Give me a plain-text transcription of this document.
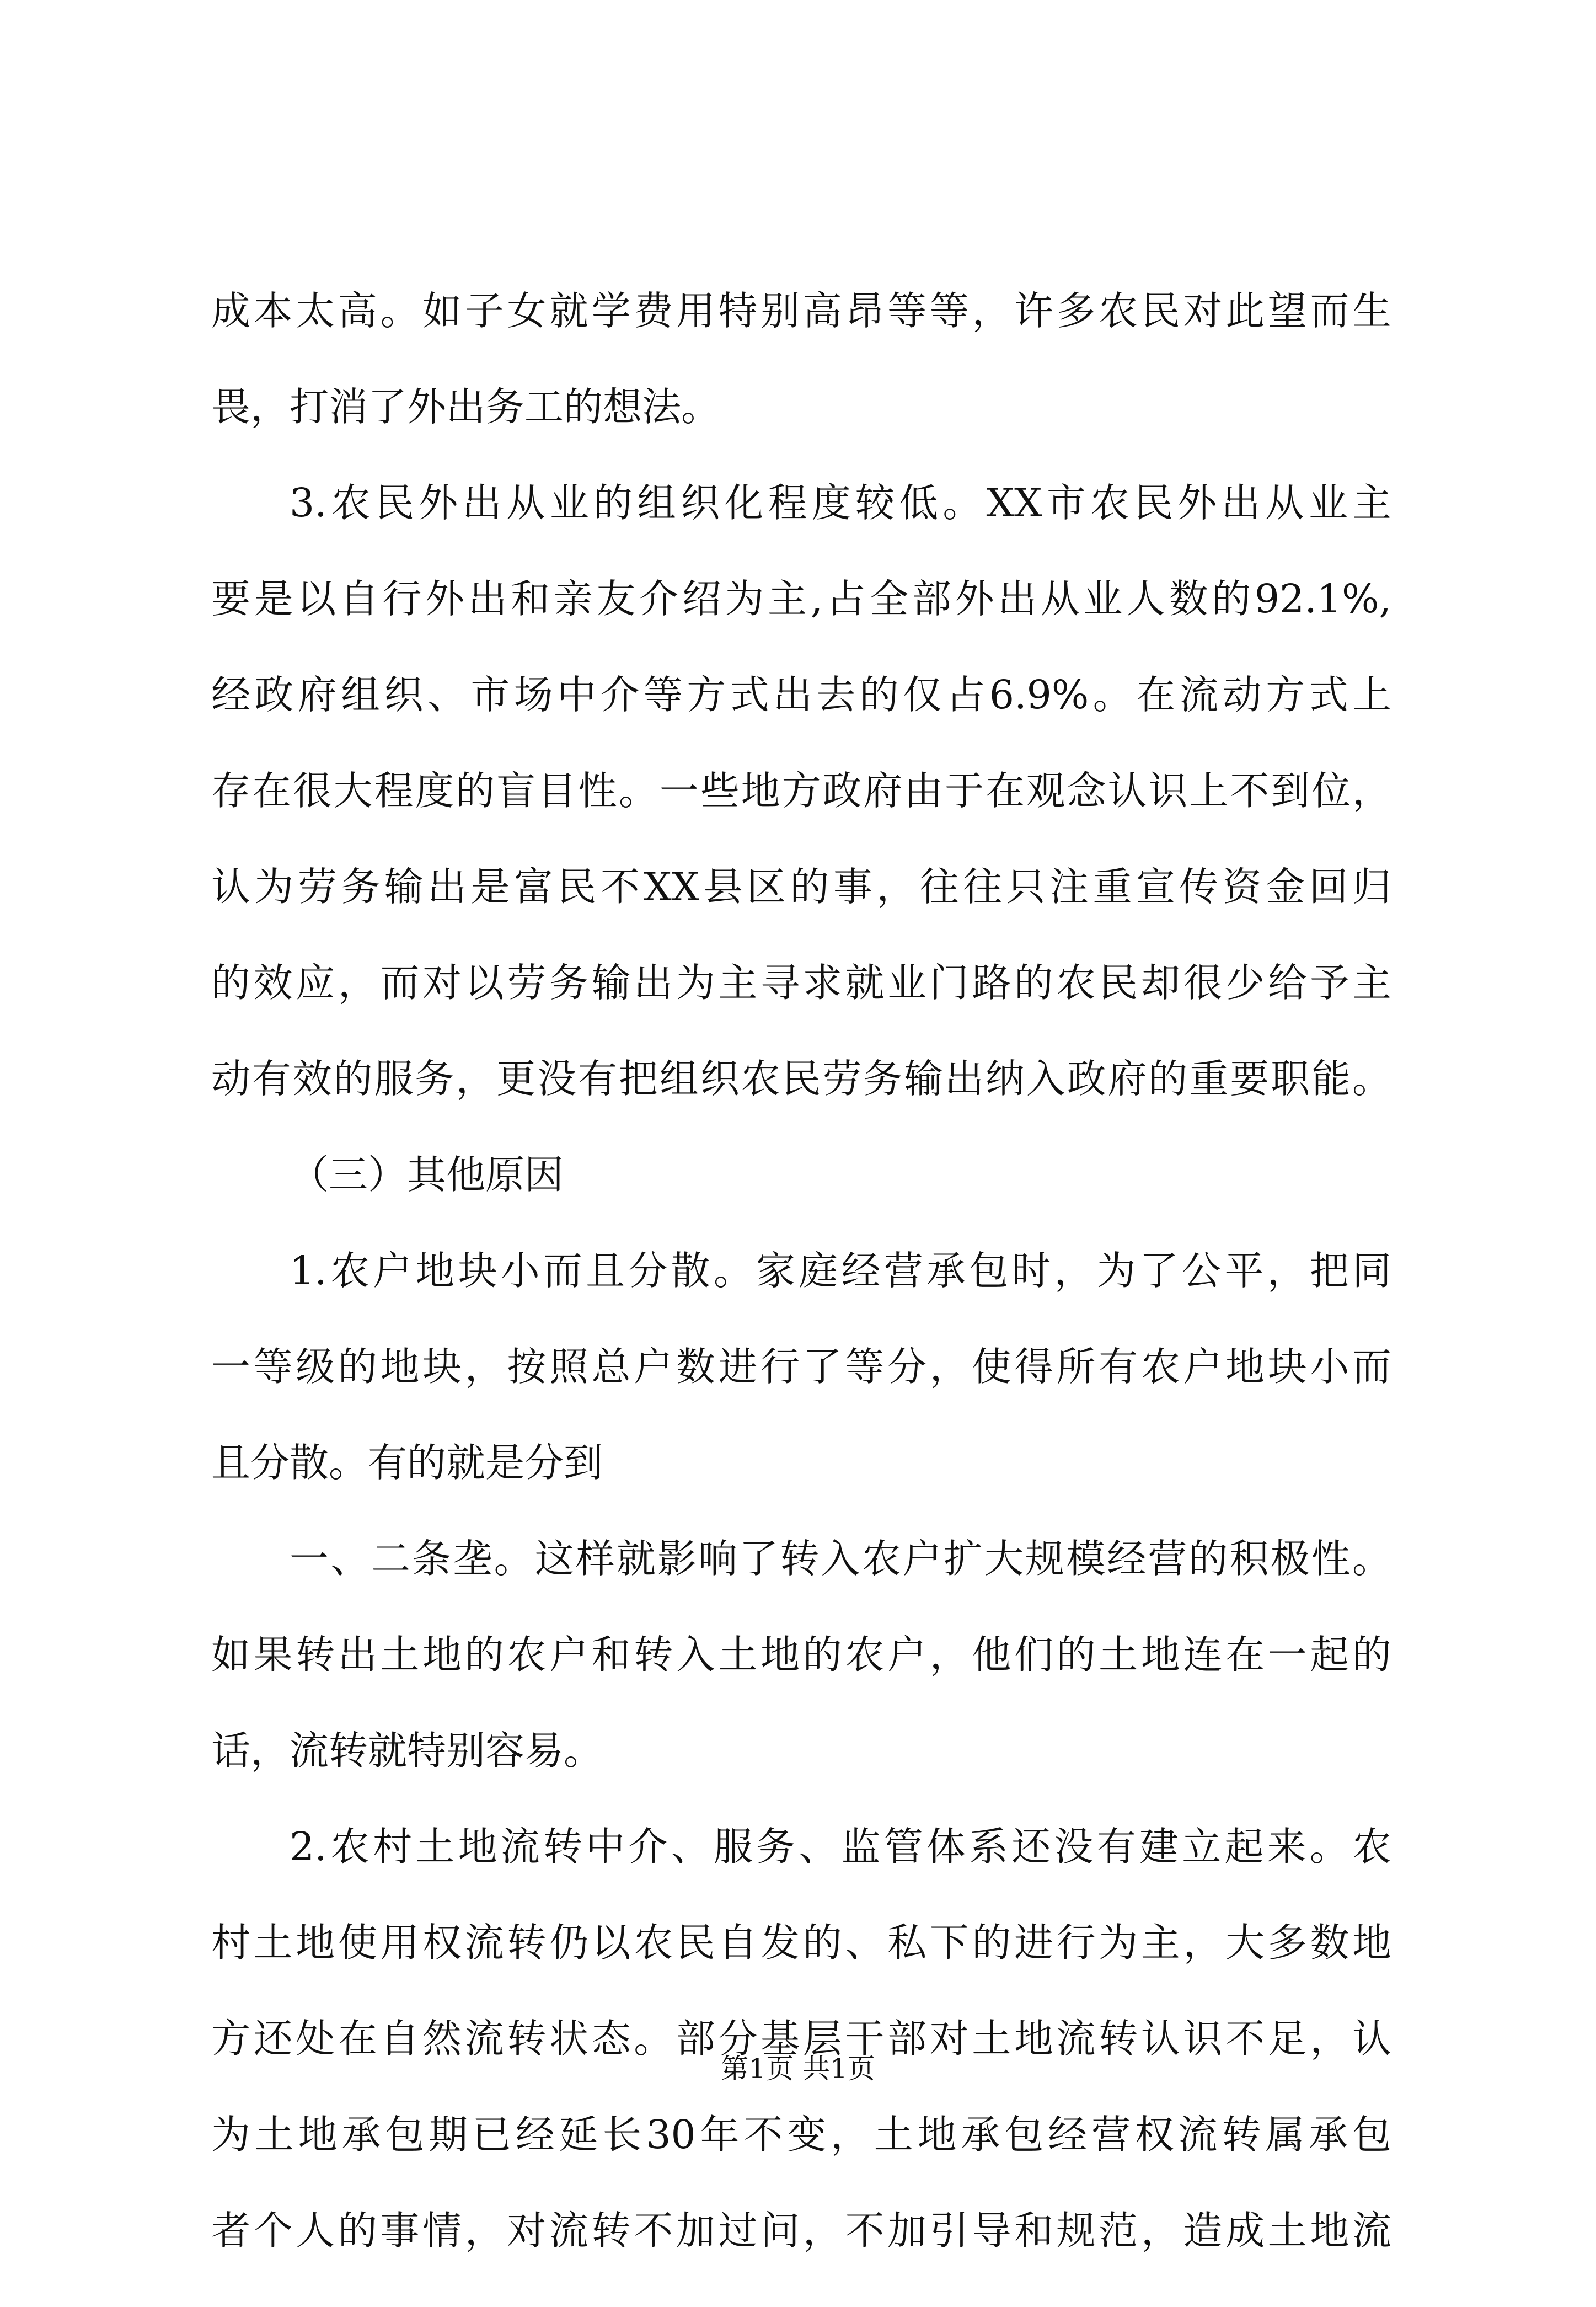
成本太高。如子女就学费用特别高昂等等，许多农民对此望而生
畏，打消了外出务工的想法。
3.农民外出从业的组织化程度较低。XX市农民外出从业主
要是以自行外出和亲友介绍为主,占全部外出从业人数的92.1%,
经政府组织、市场中介等方式出去的仅占6.9%。在流动方式上
存在很大程度的盲目性。一些地方政府由于在观念认识上不到位，
认为劳务输出是富民不XX县区的事，往往只注重宣传资金回归
的效应，而对以劳务输出为主寻求就业门路的农民却很少给予主
动有效的服务，更没有把组织农民劳务输出纳入政府的重要职能。
（三）其他原因
1.农户地块小而且分散。家庭经营承包时，为了公平，把同
一等级的地块，按照总户数进行了等分，使得所有农户地块小而
且分散。有的就是分到
一、二条垄。这样就影响了转入农户扩大规模经营的积极性。
如果转出土地的农户和转入土地的农户，他们的土地连在一起的
话，流转就特别容易。
2.农村土地流转中介、服务、监管体系还没有建立起来。农
村土地使用权流转仍以农民自发的、私下的进行为主，大多数地
方还处在自然流转状态。部分基层干部对土地流转认识不足，认
为土地承包期已经延长30年不变，土地承包经营权流转属承包
者个人的事情，对流转不加过问，不加引导和规范，造成土地流
第1页 共1页
